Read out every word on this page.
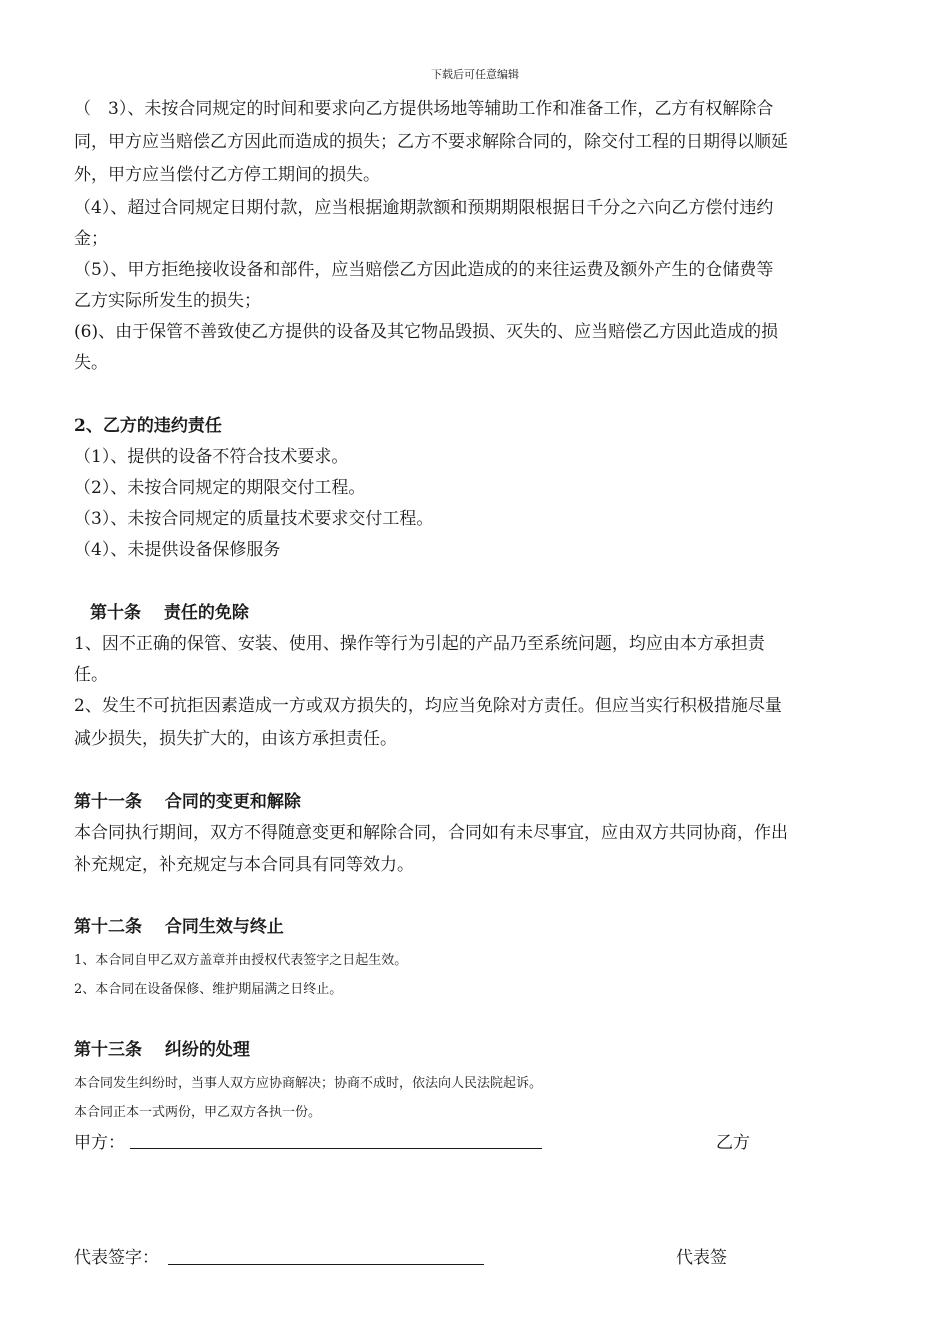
下载后可任意编辑
（　3）、未按合同规定的时间和要求向乙方提供场地等辅助工作和准备工作，乙方有权解除合
同，甲方应当赔偿乙方因此而造成的损失；乙方不要求解除合同的，除交付工程的日期得以顺延
外，甲方应当偿付乙方停工期间的损失。
（4）、超过合同规定日期付款，应当根据逾期款额和预期期限根据日千分之六向乙方偿付违约
金；
（5）、甲方拒绝接收设备和部件，应当赔偿乙方因此造成的的来往运费及额外产生的仓储费等
乙方实际所发生的损失；
(6)、由于保管不善致使乙方提供的设备及其它物品毁损、灭失的、应当赔偿乙方因此造成的损
失。
2、乙方的违约责任
（1）、提供的设备不符合技术要求。
（2）、未按合同规定的期限交付工程。
（3）、未按合同规定的质量技术要求交付工程。
（4）、未提供设备保修服务
第十条　 责任的免除
1、因不正确的保管、安装、使用、操作等行为引起的产品乃至系统问题，均应由本方承担责
任。
2、发生不可抗拒因素造成一方或双方损失的，均应当免除对方责任。但应当实行积极措施尽量
减少损失，损失扩大的，由该方承担责任。
第十一条　 合同的变更和解除
本合同执行期间，双方不得随意变更和解除合同，合同如有未尽事宜，应由双方共同协商，作出
补充规定，补充规定与本合同具有同等效力。
第十二条　 合同生效与终止
1、本合同自甲乙双方盖章并由授权代表签字之日起生效。
2、本合同在设备保修、维护期届满之日终止。
第十三条　 纠纷的处理
本合同发生纠纷时，当事人双方应协商解决；协商不成时，依法向人民法院起诉。
本合同正本一式两份，甲乙双方各执一份。
甲方：	乙方
代表签字：	代表签
